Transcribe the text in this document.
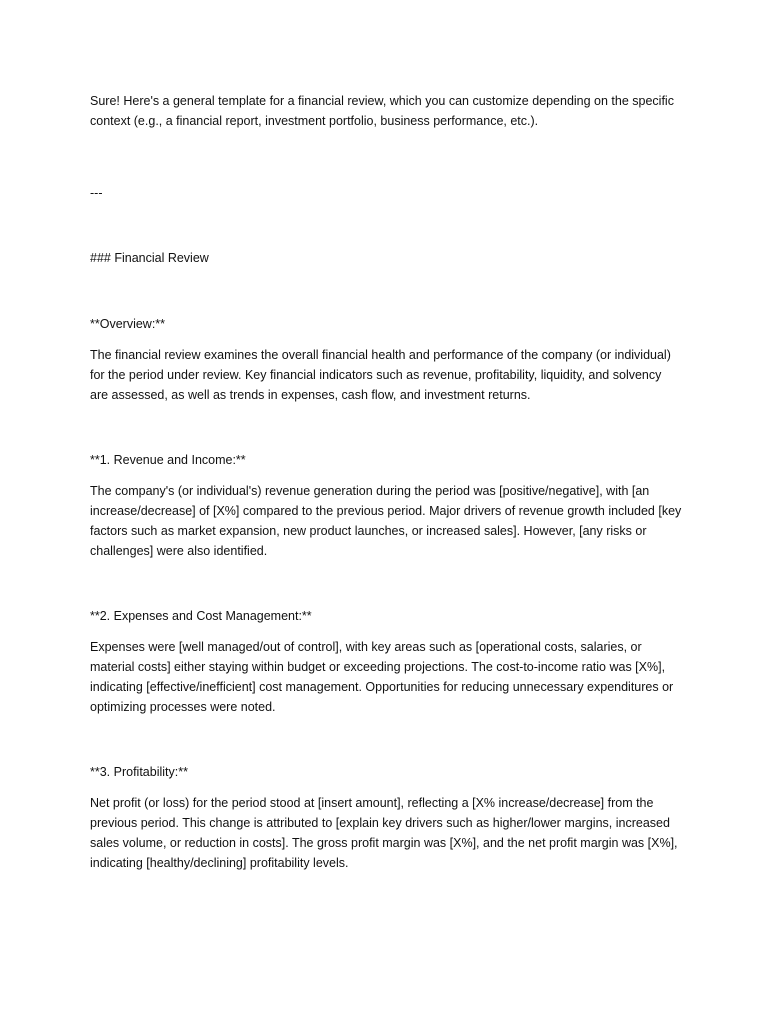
Sure! Here's a general template for a financial review, which you can customize depending on the specific context (e.g., a financial report, investment portfolio, business performance, etc.).

---

### Financial Review

**Overview:**

The financial review examines the overall financial health and performance of the company (or individual) for the period under review. Key financial indicators such as revenue, profitability, liquidity, and solvency are assessed, as well as trends in expenses, cash flow, and investment returns.

**1. Revenue and Income:**

The company's (or individual's) revenue generation during the period was [positive/negative], with [an increase/decrease] of [X%] compared to the previous period. Major drivers of revenue growth included [key factors such as market expansion, new product launches, or increased sales]. However, [any risks or challenges] were also identified.

**2. Expenses and Cost Management:**

Expenses were [well managed/out of control], with key areas such as [operational costs, salaries, or material costs] either staying within budget or exceeding projections. The cost-to-income ratio was [X%], indicating [effective/inefficient] cost management. Opportunities for reducing unnecessary expenditures or optimizing processes were noted.

**3. Profitability:**

Net profit (or loss) for the period stood at [insert amount], reflecting a [X% increase/decrease] from the previous period. This change is attributed to [explain key drivers such as higher/lower margins, increased sales volume, or reduction in costs]. The gross profit margin was [X%], and the net profit margin was [X%], indicating [healthy/declining] profitability levels.
